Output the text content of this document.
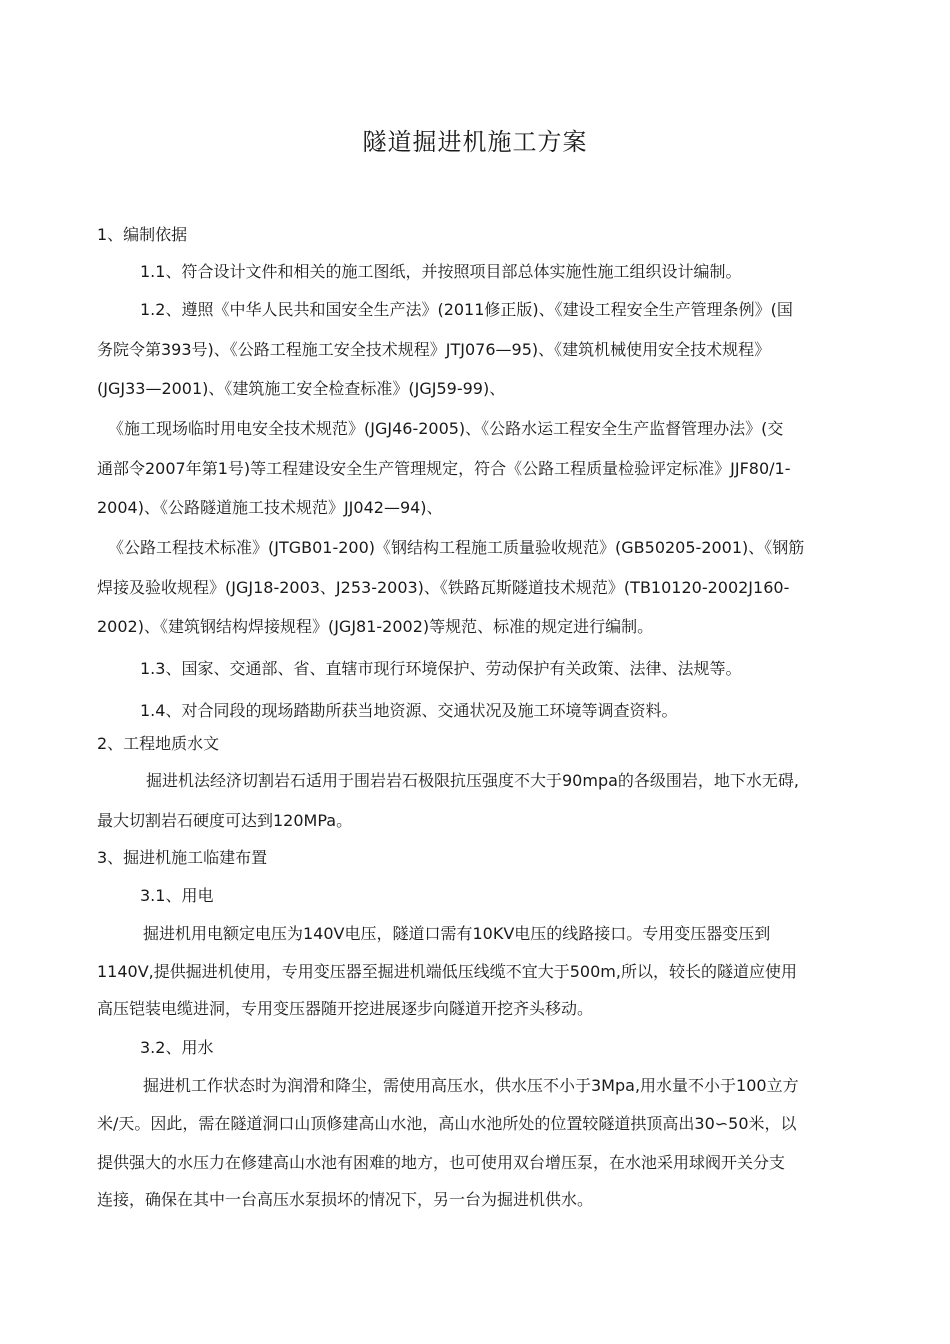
隧道掘进机施工方案
1、编制依据
1.1、符合设计文件和相关的施工图纸，并按照项目部总体实施性施工组织设计编制。
1.2、遵照《中华人民共和国安全生产法》(2011修正版)、《建设工程安全生产管理条例》(国
务院令第393号)、《公路工程施工安全技术规程》JTJ076—95)、《建筑机械使用安全技术规程》
(JGJ33—2001)、《建筑施工安全检查标准》(JGJ59-99)、
《施工现场临时用电安全技术规范》(JGJ46-2005)、《公路水运工程安全生产监督管理办法》(交
通部令2007年第1号)等工程建设安全生产管理规定，符合《公路工程质量检验评定标准》JJF80/1-
2004)、《公路隧道施工技术规范》JJ042—94)、
《公路工程技术标准》(JTGB01-200)《钢结构工程施工质量验收规范》(GB50205-2001)、《钢筋
焊接及验收规程》(JGJ18-2003、J253-2003)、《铁路瓦斯隧道技术规范》(TB10120-2002J160-
2002)、《建筑钢结构焊接规程》(JGJ81-2002)等规范、标准的规定进行编制。
1.3、国家、交通部、省、直辖市现行环境保护、劳动保护有关政策、法律、法规等。
1.4、对合同段的现场踏勘所获当地资源、交通状况及施工环境等调查资料。
2、工程地质水文
掘进机法经济切割岩石适用于围岩岩石极限抗压强度不大于90mpa的各级围岩，地下水无碍,
最大切割岩石硬度可达到120MPa。
3、掘进机施工临建布置
3.1、用电
掘进机用电额定电压为140V电压，隧道口需有10KV电压的线路接口。专用变压器变压到
1140V,提供掘进机使用，专用变压器至掘进机端低压线缆不宜大于500m,所以，较长的隧道应使用
高压铠装电缆进洞，专用变压器随开挖进展逐步向隧道开挖齐头移动。
3.2、用水
掘进机工作状态时为润滑和降尘，需使用高压水，供水压不小于3Mpa,用水量不小于100立方
米/天。因此，需在隧道洞口山顶修建高山水池，高山水池所处的位置较隧道拱顶高出30∽50米，以
提供强大的水压力在修建高山水池有困难的地方，也可使用双台增压泵，在水池采用球阀开关分支
连接，确保在其中一台高压水泵损坏的情况下，另一台为掘进机供水。
